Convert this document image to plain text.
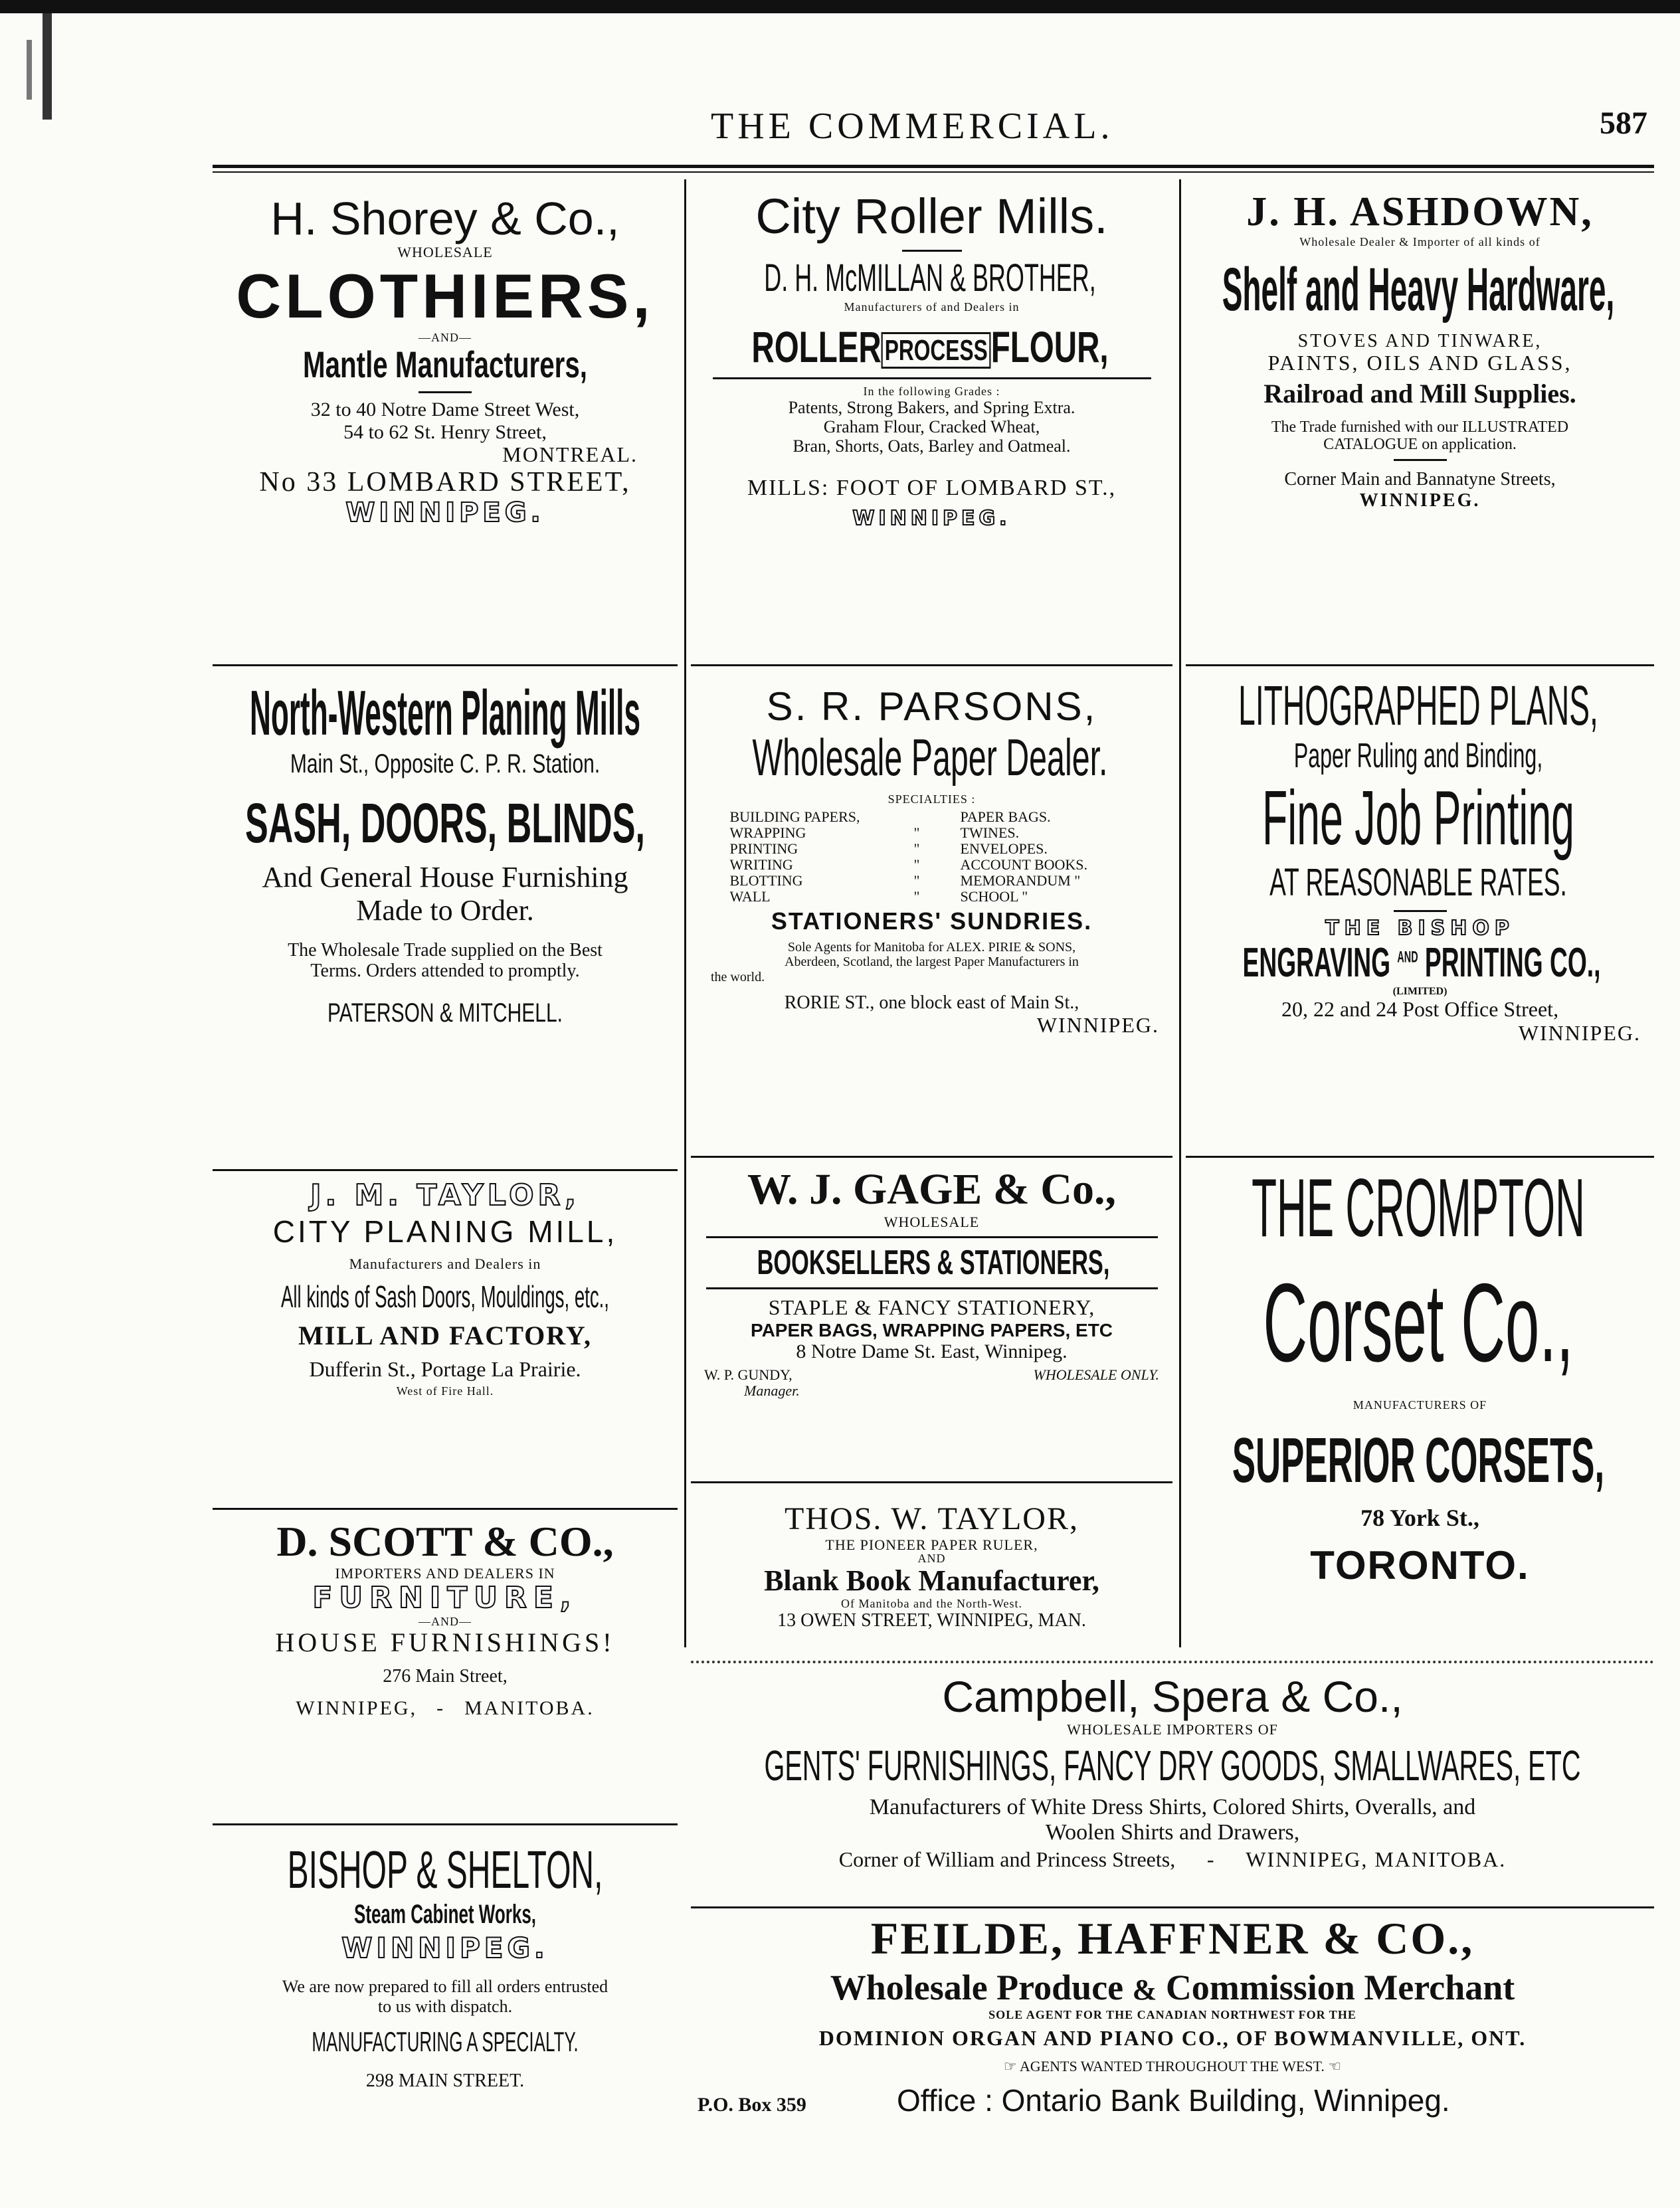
THE COMMERCIAL.	587
H. Shorey & Co.,
WHOLESALE
CLOTHIERS,
—AND—
Mantle Manufacturers,
32 to 40 Notre Dame Street West,
54 to 62 St. Henry Street,
MONTREAL.
No 33 LOMBARD STREET,
WINNIPEG.
North-Western Planing Mills Main St., Opposite C. P. R. Station. SASH, DOORS, BLINDS,
And General House Furnishing
Made to Order.
The Wholesale Trade supplied on the Best
Terms. Orders attended to promptly.
PATERSON & MITCHELL.
J. M. TAYLOR,
CITY PLANING MILL,
Manufacturers and Dealers in
All kinds of Sash Doors, Mouldings, etc.,
MILL AND FACTORY,
Dufferin St., Portage La Prairie.
West of Fire Hall.
D. SCOTT & CO.,
IMPORTERS AND DEALERS IN
FURNITURE,
—AND—
HOUSE FURNISHINGS!
276 Main Street,
WINNIPEG, - MANITOBA.
BISHOP & SHELTON, Steam Cabinet Works,
WINNIPEG.
We are now prepared to fill all orders entrusted
to us with dispatch.
MANUFACTURING A SPECIALTY.
298 MAIN STREET.
City Roller Mills.
D. H. McMILLAN & BROTHER,
Manufacturers of and Dealers in
ROLLER PROCESSFLOUR,
In the following Grades :
Patents, Strong Bakers, and Spring Extra.
Graham Flour, Cracked Wheat,
Bran, Shorts, Oats, Barley and Oatmeal.
MILLS: FOOT OF LOMBARD ST.,
WINNIPEG.
S. R. PARSONS,
Wholesale Paper Dealer.
SPECIALTIES :
BUILDING PAPERS,		PAPER BAGS.
WRAPPING	"	TWINES.
PRINTING	"	ENVELOPES.
WRITING	"	ACCOUNT BOOKS.
BLOTTING	"	MEMORANDUM "
WALL	"	SCHOOL "
STATIONERS' SUNDRIES.
Sole Agents for Manitoba for ALEX. PIRIE & SONS,
Aberdeen, Scotland, the largest Paper Manufacturers in
the world.
RORIE ST., one block east of Main St.,
WINNIPEG.
W. J. GAGE & Co.,
WHOLESALE
BOOKSELLERS & STATIONERS,
STAPLE & FANCY STATIONERY,
PAPER BAGS, WRAPPING PAPERS, ETC
8 Notre Dame St. East, Winnipeg.
W. P. GUNDY,	WHOLESALE ONLY.
Manager.
THOS. W. TAYLOR,
THE PIONEER PAPER RULER,
AND
Blank Book Manufacturer,
Of Manitoba and the North-West.
13 OWEN STREET, WINNIPEG, MAN.
J. H. ASHDOWN,
Wholesale Dealer & Importer of all kinds of
Shelf and Heavy Hardware,
STOVES AND TINWARE,
PAINTS, OILS AND GLASS,
Railroad and Mill Supplies.
The Trade furnished with our ILLUSTRATED
CATALOGUE on application.
Corner Main and Bannatyne Streets,
WINNIPEG.
LITHOGRAPHED PLANS, Paper Ruling and Binding, Fine Job Printing AT REASONABLE RATES.
THE BISHOP
ENGRAVING $^{AND}$ PRINTING CO.,
(LIMITED)
20, 22 and 24 Post Office Street,
WINNIPEG.
THE CROMPTON Corset Co.,
MANUFACTURERS OF
SUPERIOR CORSETS,
78 York St.,
TORONTO.
Campbell, Spera & Co.,
WHOLESALE IMPORTERS OF
GENTS' FURNISHINGS, FANCY DRY GOODS, SMALLWARES, ETC
Manufacturers of White Dress Shirts, Colored Shirts, Overalls, and
Woolen Shirts and Drawers,
Corner of William and Princess Streets, - WINNIPEG, MANITOBA.
FEILDE, HAFFNER & CO.,
Wholesale Produce & Commission Merchant
SOLE AGENT FOR THE CANADIAN NORTHWEST FOR THE
DOMINION ORGAN AND PIANO CO., OF BOWMANVILLE, ONT.
☞ AGENTS WANTED THROUGHOUT THE WEST. ☜
P.O. Box 359	Office : Ontario Bank Building, Winnipeg.
